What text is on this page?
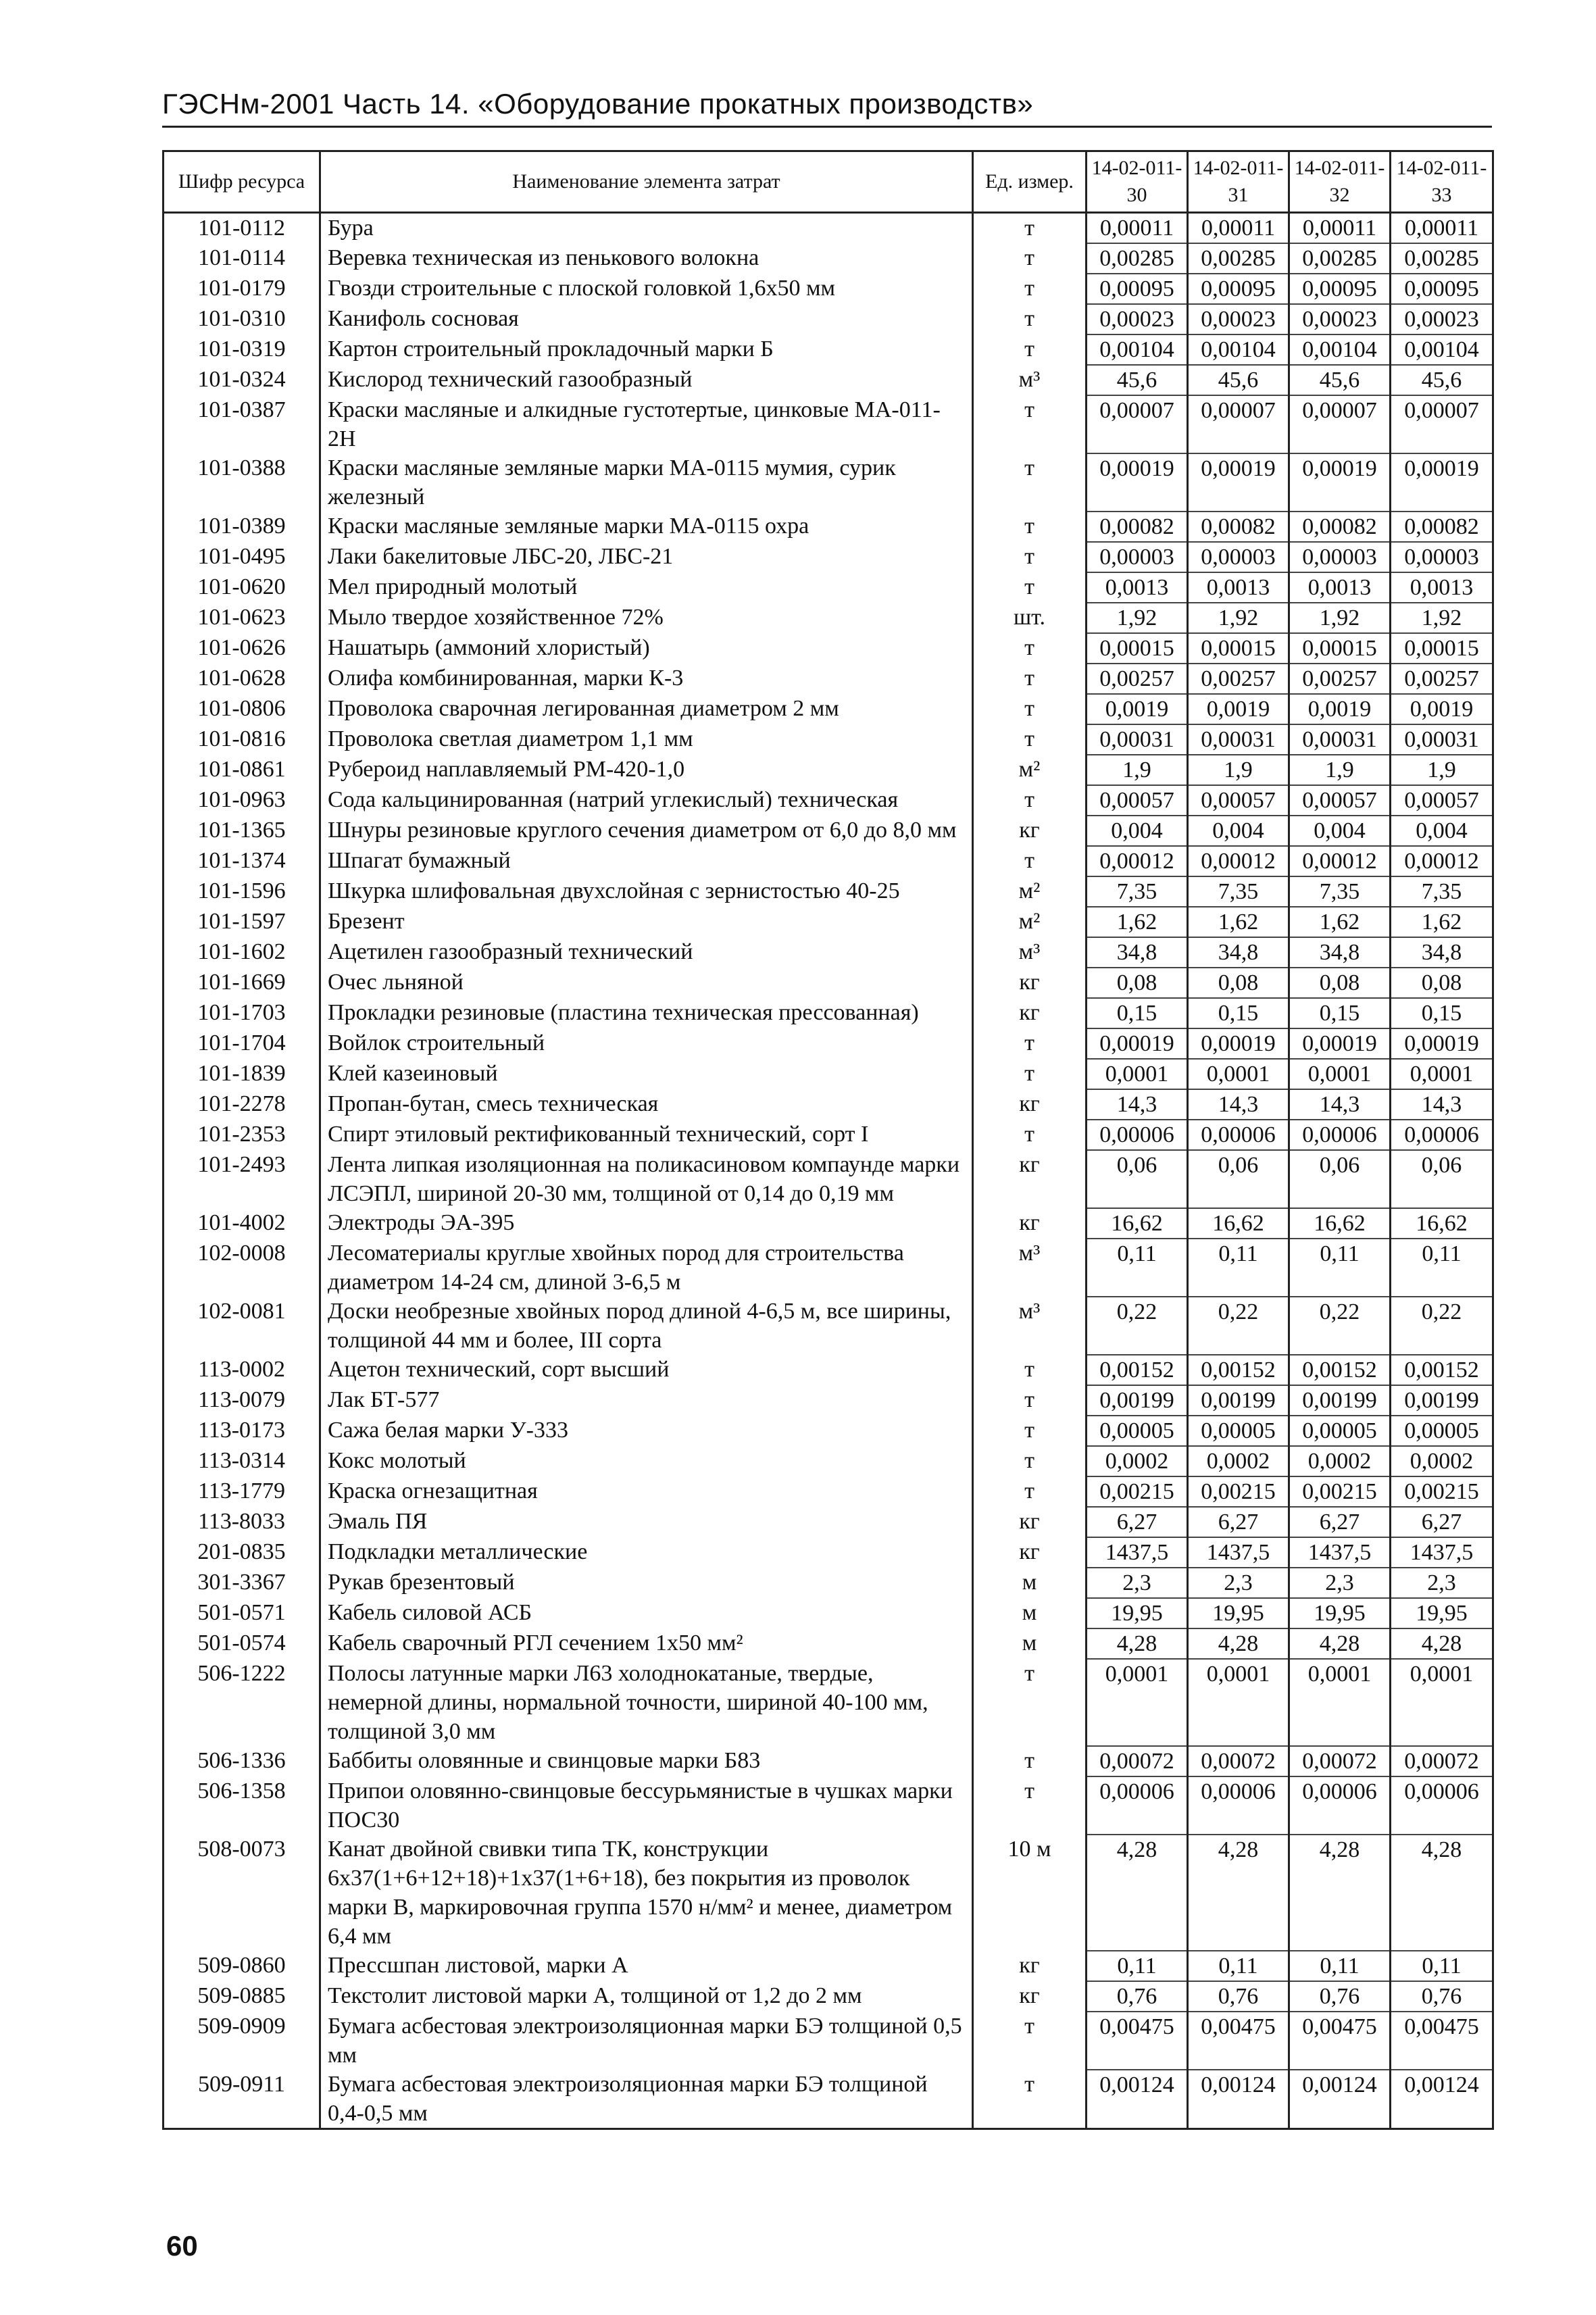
ГЭСНм-2001 Часть 14. «Оборудование прокатных производств»
Шифр ресурса	Наименование элемента затрат	Ед. измер.	14-02-011-30	14-02-011-31	14-02-011-32	14-02-011-33
101-0112	Бура	т	0,00011	0,00011	0,00011	0,00011
101-0114	Веревка техническая из пенькового волокна	т	0,00285	0,00285	0,00285	0,00285
101-0179	Гвозди строительные с плоской головкой 1,6х50 мм	т	0,00095	0,00095	0,00095	0,00095
101-0310	Канифоль сосновая	т	0,00023	0,00023	0,00023	0,00023
101-0319	Картон строительный прокладочный марки Б	т	0,00104	0,00104	0,00104	0,00104
101-0324	Кислород технический газообразный	м³	45,6	45,6	45,6	45,6
101-0387	Краски масляные и алкидные густотертые, цинковые МА-011-2Н	т	0,00007	0,00007	0,00007	0,00007
101-0388	Краски масляные земляные марки МА-0115 мумия, сурик железный	т	0,00019	0,00019	0,00019	0,00019
101-0389	Краски масляные земляные марки МА-0115 охра	т	0,00082	0,00082	0,00082	0,00082
101-0495	Лаки бакелитовые ЛБС-20, ЛБС-21	т	0,00003	0,00003	0,00003	0,00003
101-0620	Мел природный молотый	т	0,0013	0,0013	0,0013	0,0013
101-0623	Мыло твердое хозяйственное 72%	шт.	1,92	1,92	1,92	1,92
101-0626	Нашатырь (аммоний хлористый)	т	0,00015	0,00015	0,00015	0,00015
101-0628	Олифа комбинированная, марки К-3	т	0,00257	0,00257	0,00257	0,00257
101-0806	Проволока сварочная легированная диаметром 2 мм	т	0,0019	0,0019	0,0019	0,0019
101-0816	Проволока светлая диаметром 1,1 мм	т	0,00031	0,00031	0,00031	0,00031
101-0861	Рубероид наплавляемый РМ-420-1,0	м²	1,9	1,9	1,9	1,9
101-0963	Сода кальцинированная (натрий углекислый) техническая	т	0,00057	0,00057	0,00057	0,00057
101-1365	Шнуры резиновые круглого сечения диаметром от 6,0 до 8,0 мм	кг	0,004	0,004	0,004	0,004
101-1374	Шпагат бумажный	т	0,00012	0,00012	0,00012	0,00012
101-1596	Шкурка шлифовальная двухслойная с зернистостью 40-25	м²	7,35	7,35	7,35	7,35
101-1597	Брезент	м²	1,62	1,62	1,62	1,62
101-1602	Ацетилен газообразный технический	м³	34,8	34,8	34,8	34,8
101-1669	Очес льняной	кг	0,08	0,08	0,08	0,08
101-1703	Прокладки резиновые (пластина техническая прессованная)	кг	0,15	0,15	0,15	0,15
101-1704	Войлок строительный	т	0,00019	0,00019	0,00019	0,00019
101-1839	Клей казеиновый	т	0,0001	0,0001	0,0001	0,0001
101-2278	Пропан-бутан, смесь техническая	кг	14,3	14,3	14,3	14,3
101-2353	Спирт этиловый ректификованный технический, сорт I	т	0,00006	0,00006	0,00006	0,00006
101-2493	Лента липкая изоляционная на поликасиновом компаунде марки ЛСЭПЛ, шириной 20-30 мм, толщиной от 0,14 до 0,19 мм	кг	0,06	0,06	0,06	0,06
101-4002	Электроды ЭА-395	кг	16,62	16,62	16,62	16,62
102-0008	Лесоматериалы круглые хвойных пород для строительства диаметром 14-24 см, длиной 3-6,5 м	м³	0,11	0,11	0,11	0,11
102-0081	Доски необрезные хвойных пород длиной 4-6,5 м, все ширины, толщиной 44 мм и более, III сорта	м³	0,22	0,22	0,22	0,22
113-0002	Ацетон технический, сорт высший	т	0,00152	0,00152	0,00152	0,00152
113-0079	Лак БТ-577	т	0,00199	0,00199	0,00199	0,00199
113-0173	Сажа белая марки У-333	т	0,00005	0,00005	0,00005	0,00005
113-0314	Кокс молотый	т	0,0002	0,0002	0,0002	0,0002
113-1779	Краска огнезащитная	т	0,00215	0,00215	0,00215	0,00215
113-8033	Эмаль ПЯ	кг	6,27	6,27	6,27	6,27
201-0835	Подкладки металлические	кг	1437,5	1437,5	1437,5	1437,5
301-3367	Рукав брезентовый	м	2,3	2,3	2,3	2,3
501-0571	Кабель силовой АСБ	м	19,95	19,95	19,95	19,95
501-0574	Кабель сварочный РГЛ сечением 1х50 мм²	м	4,28	4,28	4,28	4,28
506-1222	Полосы латунные марки Л63 холоднокатаные, твердые, немерной длины, нормальной точности, шириной 40-100 мм, толщиной 3,0 мм	т	0,0001	0,0001	0,0001	0,0001
506-1336	Баббиты оловянные и свинцовые марки Б83	т	0,00072	0,00072	0,00072	0,00072
506-1358	Припои оловянно-свинцовые бессурьмянистые в чушках марки ПОС30	т	0,00006	0,00006	0,00006	0,00006
508-0073	Канат двойной свивки типа ТК, конструкции 6х37(1+6+12+18)+1х37(1+6+18), без покрытия из проволок марки В, маркировочная группа 1570 н/мм² и менее, диаметром 6,4 мм	10 м	4,28	4,28	4,28	4,28
509-0860	Прессшпан листовой, марки А	кг	0,11	0,11	0,11	0,11
509-0885	Текстолит листовой марки А, толщиной от 1,2 до 2 мм	кг	0,76	0,76	0,76	0,76
509-0909	Бумага асбестовая электроизоляционная марки БЭ толщиной 0,5 мм	т	0,00475	0,00475	0,00475	0,00475
509-0911	Бумага асбестовая электроизоляционная марки БЭ толщиной 0,4-0,5 мм	т	0,00124	0,00124	0,00124	0,00124
60
